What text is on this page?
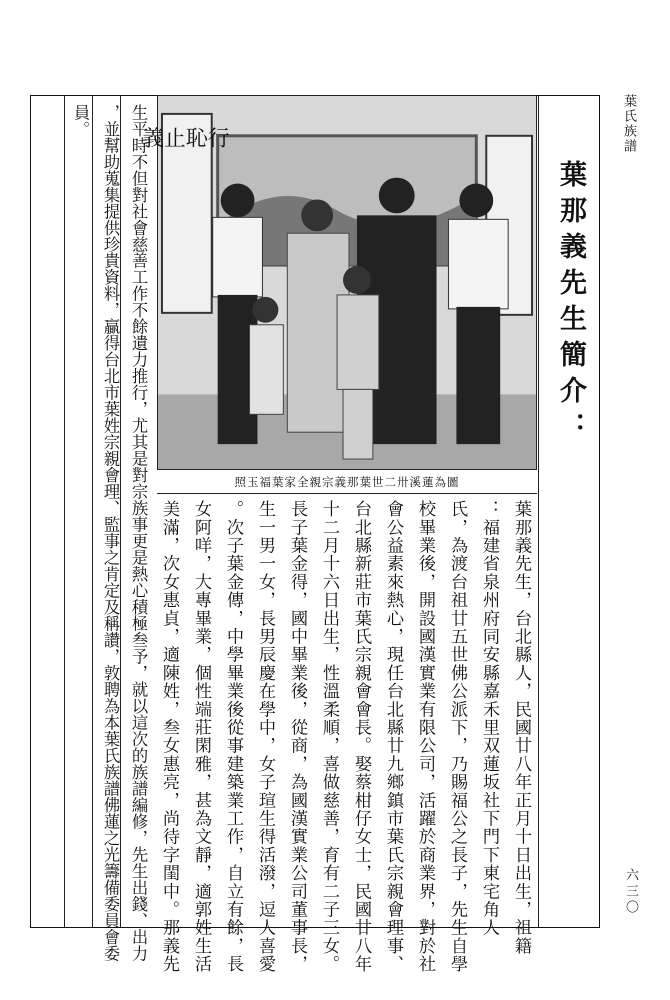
葉氏族譜
六三〇
義止恥行
照玉福葉家全親宗義那葉世二卅溪蓮為圖
葉那義先生簡介：
葉那義先生，台北縣人，民國廿八年正月十日出生，祖籍
：福建省泉州府同安縣嘉禾里双蓮坂社下門下東宅角人
氏，為渡台祖廿五世佛公派下，乃賜福公之長子，先生自學
校畢業後，開設國漢實業有限公司，活躍於商業界，對於社
會公益素來熱心，現任台北縣廿九鄉鎮市葉氏宗親會理事、
台北縣新莊市葉氏宗親會會長。娶蔡柑仔女士，民國廿八年
十二月十六日出生，性溫柔順，喜做慈善，育有二子三女。
長子葉金得，國中畢業後，從商，為國漢實業公司董事長，
生一男一女，長男辰慶在學中，女子瑄生得活潑，逗人喜愛
。次子葉金傳，中學畢業後從事建築業工作，自立有餘，長
女阿咩，大專畢業，個性端莊閑雅，甚為文靜，適郭姓生活
美滿，次女惠貞，適陳姓，叁女惠亮，尚待字閨中。那義先
生平時不但對社會慈善工作不餘遺力推行，尤其是對宗族事更是熱心積極叁予，就以這次的族譜編修，先生出錢、出力
，並幫助蒐集提供珍貴資料，贏得台北市葉姓宗親會理、監事之肯定及稱讚，敦聘為本葉氏族譜佛蓮之光籌備委員會委
員。
